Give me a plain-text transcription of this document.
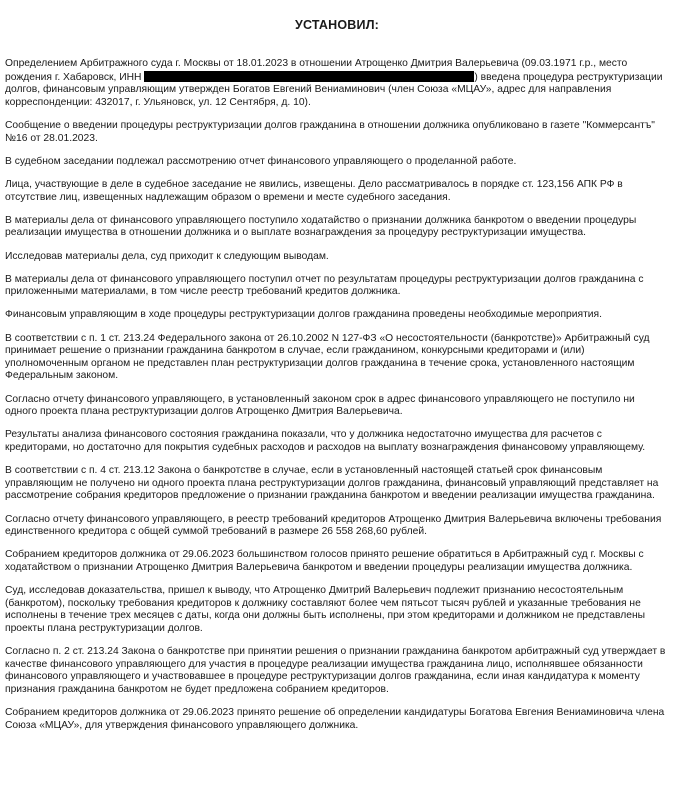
УСТАНОВИЛ:

Определением Арбитражного суда г. Москвы от 18.01.2023 в отношении Атрощенко Дмитрия Валерьевича (09.03.1971 г.р., место рождения г. Хабаровск, ИНН	) введена процедура реструктуризации долгов, финансовым управляющим утвержден Богатов Евгений Вениаминович (член Союза «МЦАУ», адрес для направления корреспонденции: 432017, г. Ульяновск, ул. 12 Сентября, д. 10).

Сообщение о введении процедуры реструктуризации долгов гражданина в отношении должника опубликовано в газете "Коммерсантъ" №16 от 28.01.2023.

В судебном заседании подлежал рассмотрению отчет финансового управляющего о проделанной работе.

Лица, участвующие в деле в судебное заседание не явились, извещены. Дело рассматривалось в порядке ст. 123,156 АПК РФ в отсутствие лиц, извещенных надлежащим образом о времени и месте судебного заседания.

В материалы дела от финансового управляющего поступило ходатайство о признании должника банкротом о введении процедуры реализации имущества в отношении должника и о выплате вознаграждения за процедуру реструктуризации имущества.

Исследовав материалы дела, суд приходит к следующим выводам.

В материалы дела от финансового управляющего поступил отчет по результатам процедуры реструктуризации долгов гражданина с приложенными материалами, в том числе реестр требований кредитов должника.

Финансовым управляющим в ходе процедуры реструктуризации долгов гражданина проведены необходимые мероприятия.

В соответствии с п. 1 ст. 213.24 Федерального закона от 26.10.2002 N 127-ФЗ «О несостоятельности (банкротстве)» Арбитражный суд принимает решение о признании гражданина банкротом в случае, если гражданином, конкурсными кредиторами и (или) уполномоченным органом не представлен план реструктуризации долгов гражданина в течение срока, установленного настоящим Федеральным законом.

Согласно отчету финансового управляющего, в установленный законом срок в адрес финансового управляющего не поступило ни одного проекта плана реструктуризации долгов Атрощенко Дмитрия Валерьевича.

Результаты анализа финансового состояния гражданина показали, что у должника недостаточно имущества для расчетов с кредиторами, но достаточно для покрытия судебных расходов и расходов на выплату вознаграждения финансовому управляющему.

В соответствии с п. 4 ст. 213.12 Закона о банкротстве в случае, если в установленный настоящей статьей срок финансовым управляющим не получено ни одного проекта плана реструктуризации долгов гражданина, финансовый управляющий представляет на рассмотрение собрания кредиторов предложение о признании гражданина банкротом и введении реализации имущества гражданина.

Согласно отчету финансового управляющего, в реестр требований кредиторов Атрощенко Дмитрия Валерьевича включены требования единственного кредитора с общей суммой требований в размере 26 558 268,60 рублей.

Собранием кредиторов должника от 29.06.2023 большинством голосов принято решение обратиться в Арбитражный суд г. Москвы с ходатайством о признании Атрощенко Дмитрия Валерьевича банкротом и введении процедуры реализации имущества должника.

Суд, исследовав доказательства, пришел к выводу, что Атрощенко Дмитрий Валерьевич подлежит признанию несостоятельным (банкротом), поскольку требования кредиторов к должнику составляют более чем пятьсот тысяч рублей и указанные требования не исполнены в течение трех месяцев с даты, когда они должны быть исполнены, при этом кредиторами и должником не представлены проекты плана реструктуризации долгов.

Согласно п. 2 ст. 213.24 Закона о банкротстве при принятии решения о признании гражданина банкротом арбитражный суд утверждает в качестве финансового управляющего для участия в процедуре реализации имущества гражданина лицо, исполнявшее обязанности финансового управляющего и участвовавшее в процедуре реструктуризации долгов гражданина, если иная кандидатура к моменту признания гражданина банкротом не будет предложена собранием кредиторов.

Собранием кредиторов должника от 29.06.2023 принято решение об определении кандидатуры Богатова Евгения Вениаминовича члена Союза «МЦАУ», для утверждения финансового управляющего должника.
